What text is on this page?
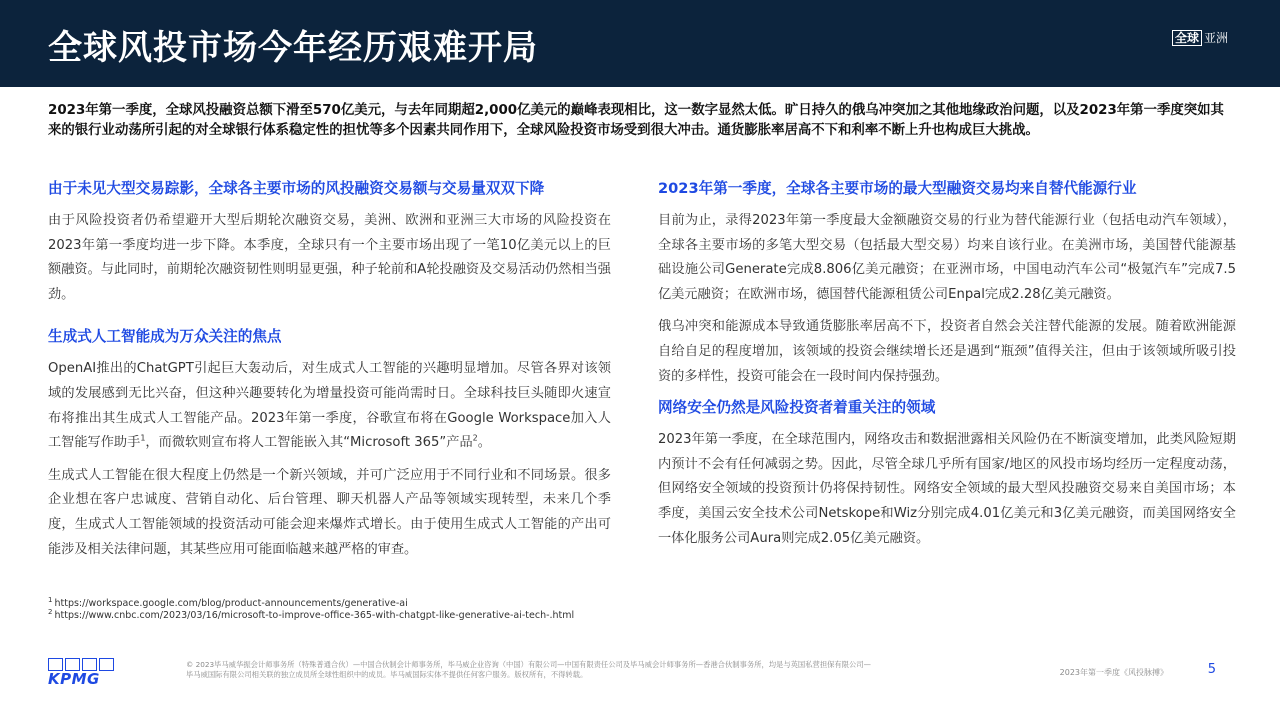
全球风投市场今年经历艰难开局	全球 亚洲

2023年第一季度，全球风投融资总额下滑至570亿美元，与去年同期超2,000亿美元的巅峰表现相比，这一数字显然太低。旷日持久的俄乌冲突加之其他地缘政治问题，以及2023年第一季度突如其来的银行业动荡所引起的对全球银行体系稳定性的担忧等多个因素共同作用下，全球风险投资市场受到很大冲击。通货膨胀率居高不下和利率不断上升也构成巨大挑战。

由于未见大型交易踪影，全球各主要市场的风投融资交易额与交易量双双下降

由于风险投资者仍希望避开大型后期轮次融资交易，美洲、欧洲和亚洲三大市场的风险投资在2023年第一季度均进一步下降。本季度，全球只有一个主要市场出现了一笔10亿美元以上的巨额融资。与此同时，前期轮次融资韧性则明显更强，种子轮前和A轮投融资及交易活动仍然相当强劲。

生成式人工智能成为万众关注的焦点

OpenAI推出的ChatGPT引起巨大轰动后，对生成式人工智能的兴趣明显增加。尽管各界对该领域的发展感到无比兴奋，但这种兴趣要转化为增量投资可能尚需时日。全球科技巨头随即火速宣布将推出其生成式人工智能产品。2023年第一季度，谷歌宣布将在Google Workspace加入人工智能写作助手$^1$，而微软则宣布将人工智能嵌入其“Microsoft 365”产品$^2$。

生成式人工智能在很大程度上仍然是一个新兴领域，并可广泛应用于不同行业和不同场景。很多企业想在客户忠诚度、营销自动化、后台管理、聊天机器人产品等领域实现转型，未来几个季度，生成式人工智能领域的投资活动可能会迎来爆炸式增长。由于使用生成式人工智能的产出可能涉及相关法律问题，其某些应用可能面临越来越严格的审查。

2023年第一季度，全球各主要市场的最大型融资交易均来自替代能源行业

目前为止，录得2023年第一季度最大金额融资交易的行业为替代能源行业（包括电动汽车领域），全球各主要市场的多笔大型交易（包括最大型交易）均来自该行业。在美洲市场，美国替代能源基础设施公司Generate完成8.806亿美元融资；在亚洲市场，中国电动汽车公司“极氪汽车”完成7.5亿美元融资；在欧洲市场，德国替代能源租赁公司Enpal完成2.28亿美元融资。

俄乌冲突和能源成本导致通货膨胀率居高不下，投资者自然会关注替代能源的发展。随着欧洲能源自给自足的程度增加，该领域的投资会继续增长还是遇到“瓶颈”值得关注，但由于该领域所吸引投资的多样性，投资可能会在一段时间内保持强劲。

网络安全仍然是风险投资者着重关注的领域

2023年第一季度，在全球范围内，网络攻击和数据泄露相关风险仍在不断演变增加，此类风险短期内预计不会有任何减弱之势。因此，尽管全球几乎所有国家/地区的风投市场均经历一定程度动荡，但网络安全领域的投资预计仍将保持韧性。网络安全领域的最大型风投融资交易来自美国市场；本季度，美国云安全技术公司Netskope和Wiz分别完成4.01亿美元和3亿美元融资，而美国网络安全一体化服务公司Aura则完成2.05亿美元融资。

$^1$ https://workspace.google.com/blog/product-announcements/generative-ai
$^2$ https://www.cnbc.com/2023/03/16/microsoft-to-improve-office-365-with-chatgpt-like-generative-ai-tech-.html
KPMG

© 2023毕马威华振会计师事务所（特殊普通合伙）—中国合伙制会计师事务所，毕马威企业咨询（中国）有限公司—中国有限责任公司及毕马威会计师事务所—香港合伙制事务所，均是与英国私营担保有限公司—毕马威国际有限公司相关联的独立成员所全球性组织中的成员。毕马威国际实体不提供任何客户服务。版权所有，不得转载。	2023年第一季度《风投脉搏》	5
